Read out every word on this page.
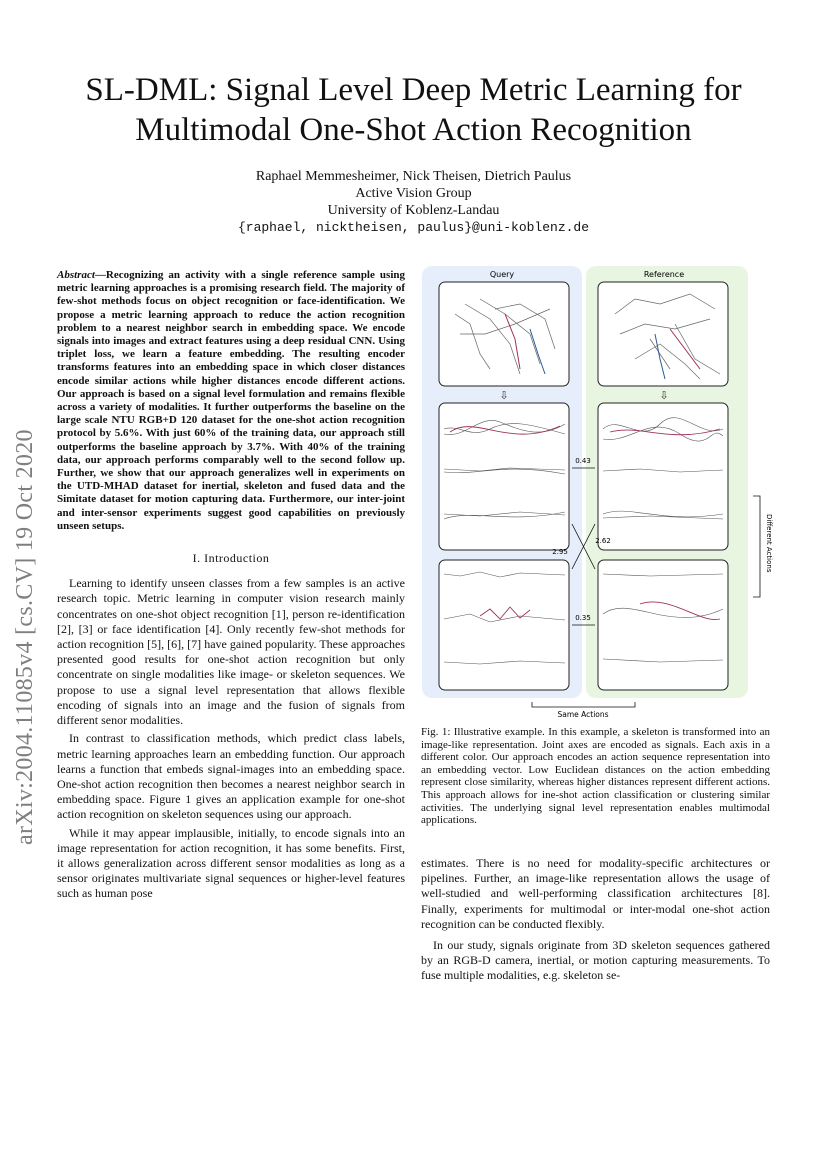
SL-DML: Signal Level Deep Metric Learning for
Multimodal One-Shot Action Recognition
Raphael Memmesheimer, Nick Theisen, Dietrich Paulus
Active Vision Group
University of Koblenz-Landau
{raphael, nicktheisen, paulus}@uni-koblenz.de
arXiv:2004.11085v4 [cs.CV] 19 Oct 2020
Abstract—Recognizing an activity with a single reference sample using metric learning approaches is a promising research field. The majority of few-shot methods focus on object recognition or face-identification. We propose a metric learning approach to reduce the action recognition problem to a nearest neighbor search in embedding space. We encode signals into images and extract features using a deep residual CNN. Using triplet loss, we learn a feature embedding. The resulting encoder transforms features into an embedding space in which closer distances encode similar actions while higher distances encode different actions. Our approach is based on a signal level formulation and remains flexible across a variety of modalities. It further outperforms the baseline on the large scale NTU RGB+D 120 dataset for the one-shot action recognition protocol by 5.6%. With just 60% of the training data, our approach still outperforms the baseline approach by 3.7%. With 40% of the training data, our approach performs comparably well to the second follow up. Further, we show that our approach generalizes well in experiments on the UTD-MHAD dataset for inertial, skeleton and fused data and the Simitate dataset for motion capturing data. Furthermore, our inter-joint and inter-sensor experiments suggest good capabilities on previously unseen setups.
I. Introduction

Learning to identify unseen classes from a few samples is an active research topic. Metric learning in computer vision research mainly concentrates on one-shot object recognition [1], person re-identification [2], [3] or face identification [4]. Only recently few-shot methods for action recognition [5], [6], [7] have gained popularity. These approaches presented good results for one-shot action recognition but only concentrate on single modalities like image- or skeleton sequences. We propose to use a signal level representation that allows flexible encoding of signals into an image and the fusion of signals from different senor modalities.

In contrast to classification methods, which predict class labels, metric learning approaches learn an embedding function. Our approach learns a function that embeds signal-images into an embedding space. One-shot action recognition then becomes a nearest neighbor search in embedding space. Figure 1 gives an application example for one-shot action recognition on skeleton sequences using our approach.

While it may appear implausible, initially, to encode signals into an image representation for action recognition, it has some benefits. First, it allows generalization across different sensor modalities as long as a sensor originates multivariate signal sequences or higher-level features such as human pose

Query	Reference
⇩	⇩
0.43
0.35
2.95
2.62	Different Actions
Same Actions
Fig. 1: Illustrative example. In this example, a skeleton is transformed into an image-like representation. Joint axes are encoded as signals. Each axis in a different color. Our approach encodes an action sequence representation into an embedding vector. Low Euclidean distances on the action embedding represent close similarity, whereas higher distances represent different actions. This approach allows for ine-shot action classification or clustering similar activities. The underlying signal level representation enables multimodal applications.

estimates. There is no need for modality-specific architectures or pipelines. Further, an image-like representation allows the usage of well-studied and well-performing classification architectures [8]. Finally, experiments for multimodal or inter-modal one-shot action recognition can be conducted flexibly.

In our study, signals originate from 3D skeleton sequences gathered by an RGB-D camera, inertial, or motion capturing measurements. To fuse multiple modalities, e.g. skeleton se-
